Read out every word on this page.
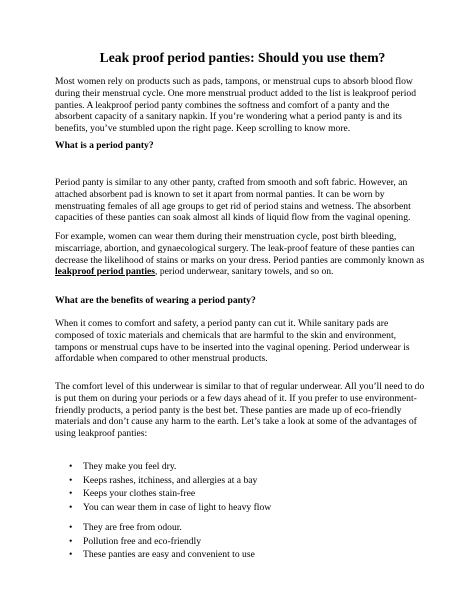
Leak proof period panties: Should you use them?

Most women rely on products such as pads, tampons, or menstrual cups to absorb blood flow
during their menstrual cycle. One more menstrual product added to the list is leakproof period
panties. A leakproof period panty combines the softness and comfort of a panty and the
absorbent capacity of a sanitary napkin. If you’re wondering what a period panty is and its
benefits, you’ve stumbled upon the right page. Keep scrolling to know more.

What is a period panty?

Period panty is similar to any other panty, crafted from smooth and soft fabric. However, an
attached absorbent pad is known to set it apart from normal panties. It can be worn by
menstruating females of all age groups to get rid of period stains and wetness. The absorbent
capacities of these panties can soak almost all kinds of liquid flow from the vaginal opening.

For example, women can wear them during their menstruation cycle, post birth bleeding,
miscarriage, abortion, and gynaecological surgery. The leak-proof feature of these panties can
decrease the likelihood of stains or marks on your dress. Period panties are commonly known as
leakproof period panties, period underwear, sanitary towels, and so on.

What are the benefits of wearing a period panty?

When it comes to comfort and safety, a period panty can cut it. While sanitary pads are
composed of toxic materials and chemicals that are harmful to the skin and environment,
tampons or menstrual cups have to be inserted into the vaginal opening. Period underwear is
affordable when compared to other menstrual products.

The comfort level of this underwear is similar to that of regular underwear. All you’ll need to do
is put them on during your periods or a few days ahead of it. If you prefer to use environment-
friendly products, a period panty is the best bet. These panties are made up of eco-friendly
materials and don’t cause any harm to the earth. Let’s take a look at some of the advantages of
using leakproof panties:

• They make you feel dry.
• Keeps rashes, itchiness, and allergies at a bay
• Keeps your clothes stain-free
• You can wear them in case of light to heavy flow
• They are free from odour.
• Pollution free and eco-friendly
• These panties are easy and convenient to use
